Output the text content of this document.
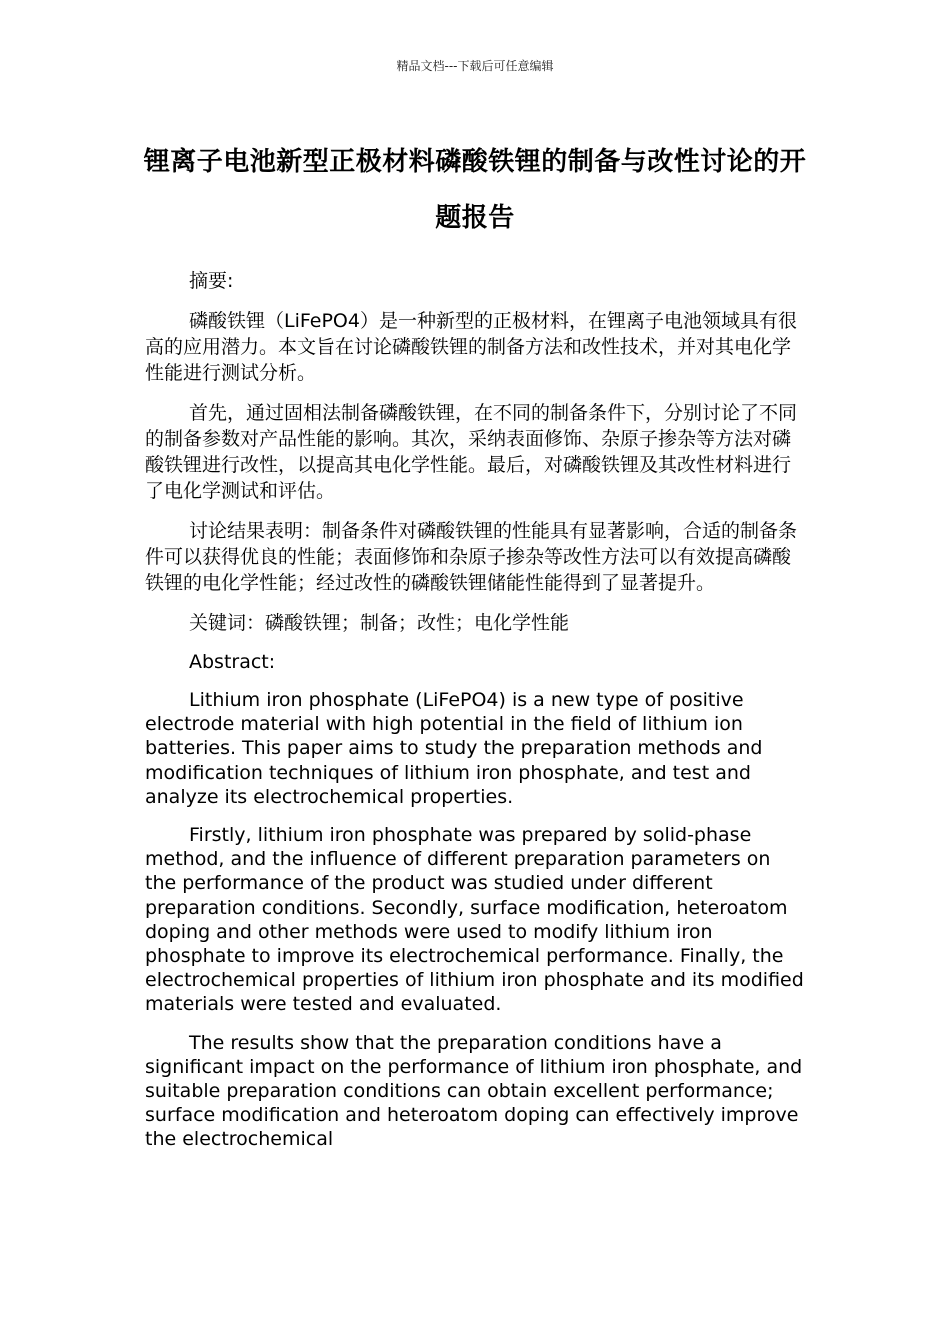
精品文档---下载后可任意编辑
锂离子电池新型正极材料磷酸铁锂的制备与改性讨论的开题报告
摘要:

磷酸铁锂（LiFePO4）是一种新型的正极材料，在锂离子电池领域具有很高的应用潜力。本文旨在讨论磷酸铁锂的制备方法和改性技术，并对其电化学性能进行测试分析。

首先，通过固相法制备磷酸铁锂，在不同的制备条件下，分别讨论了不同的制备参数对产品性能的影响。其次，采纳表面修饰、杂原子掺杂等方法对磷酸铁锂进行改性，以提高其电化学性能。最后，对磷酸铁锂及其改性材料进行了电化学测试和评估。

讨论结果表明：制备条件对磷酸铁锂的性能具有显著影响，合适的制备条件可以获得优良的性能；表面修饰和杂原子掺杂等改性方法可以有效提高磷酸铁锂的电化学性能；经过改性的磷酸铁锂储能性能得到了显著提升。

关键词：磷酸铁锂；制备；改性；电化学性能
Abstract:

Lithium iron phosphate (LiFePO4) is a new type of positive electrode material with high potential in the field of lithium ion batteries. This paper aims to study the preparation methods and modification techniques of lithium iron phosphate, and test and analyze its electrochemical properties.

Firstly, lithium iron phosphate was prepared by solid-phase method, and the influence of different preparation parameters on the performance of the product was studied under different preparation conditions. Secondly, surface modification, heteroatom doping and other methods were used to modify lithium iron phosphate to improve its electrochemical performance. Finally, the electrochemical properties of lithium iron phosphate and its modified materials were tested and evaluated.

The results show that the preparation conditions have a significant impact on the performance of lithium iron phosphate, and suitable preparation conditions can obtain excellent performance; surface modification and heteroatom doping can effectively improve the electrochemical
